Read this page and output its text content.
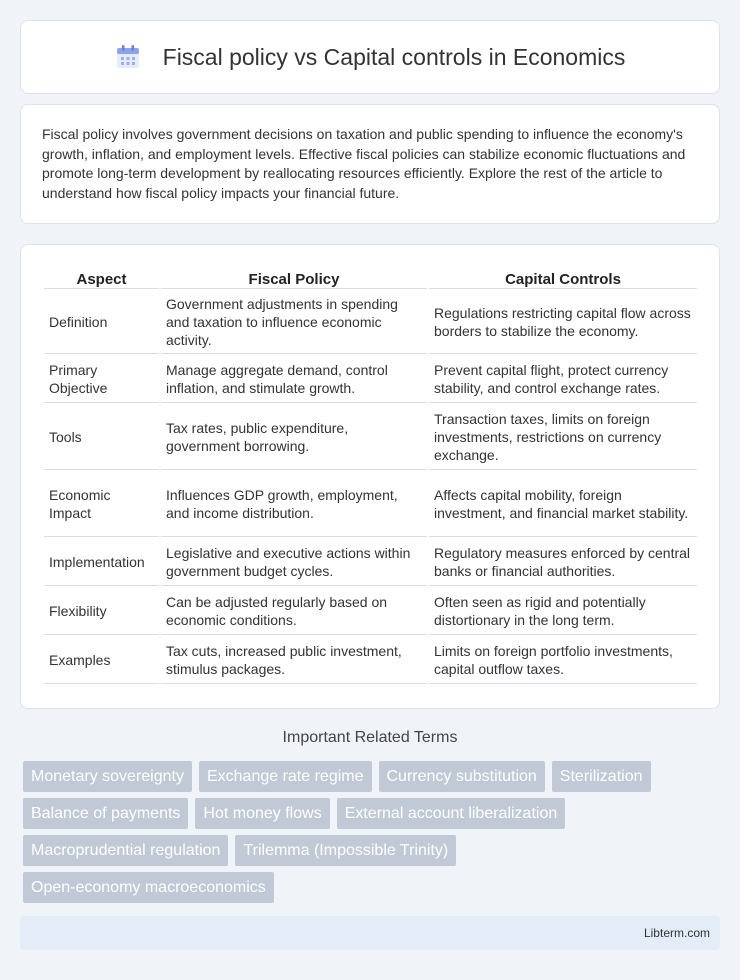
Fiscal policy vs Capital controls in Economics

Fiscal policy involves government decisions on taxation and public spending to influence the economy's growth, inflation, and employment levels. Effective fiscal policies can stabilize economic fluctuations and promote long-term development by reallocating resources efficiently. Explore the rest of the article to understand how fiscal policy impacts your financial future.

Aspect	Fiscal Policy	Capital Controls
Definition	Government adjustments in spending and taxation to influence economic activity.	Regulations restricting capital flow across borders to stabilize the economy.
Primary Objective	Manage aggregate demand, control inflation, and stimulate growth.	Prevent capital flight, protect currency stability, and control exchange rates.
Tools	Tax rates, public expenditure, government borrowing.	Transaction taxes, limits on foreign investments, restrictions on currency exchange.
Economic Impact	Influences GDP growth, employment, and income distribution.	Affects capital mobility, foreign investment, and financial market stability.
Implementation	Legislative and executive actions within government budget cycles.	Regulatory measures enforced by central banks or financial authorities.
Flexibility	Can be adjusted regularly based on economic conditions.	Often seen as rigid and potentially distortionary in the long term.
Examples	Tax cuts, increased public investment, stimulus packages.	Limits on foreign portfolio investments, capital outflow taxes.
Important Related Terms
Monetary sovereignty	Exchange rate regime	Currency substitution	Sterilization
Balance of payments	Hot money flows	External account liberalization
Macroprudential regulation	Trilemma (Impossible Trinity)
Open-economy macroeconomics
Libterm.com
